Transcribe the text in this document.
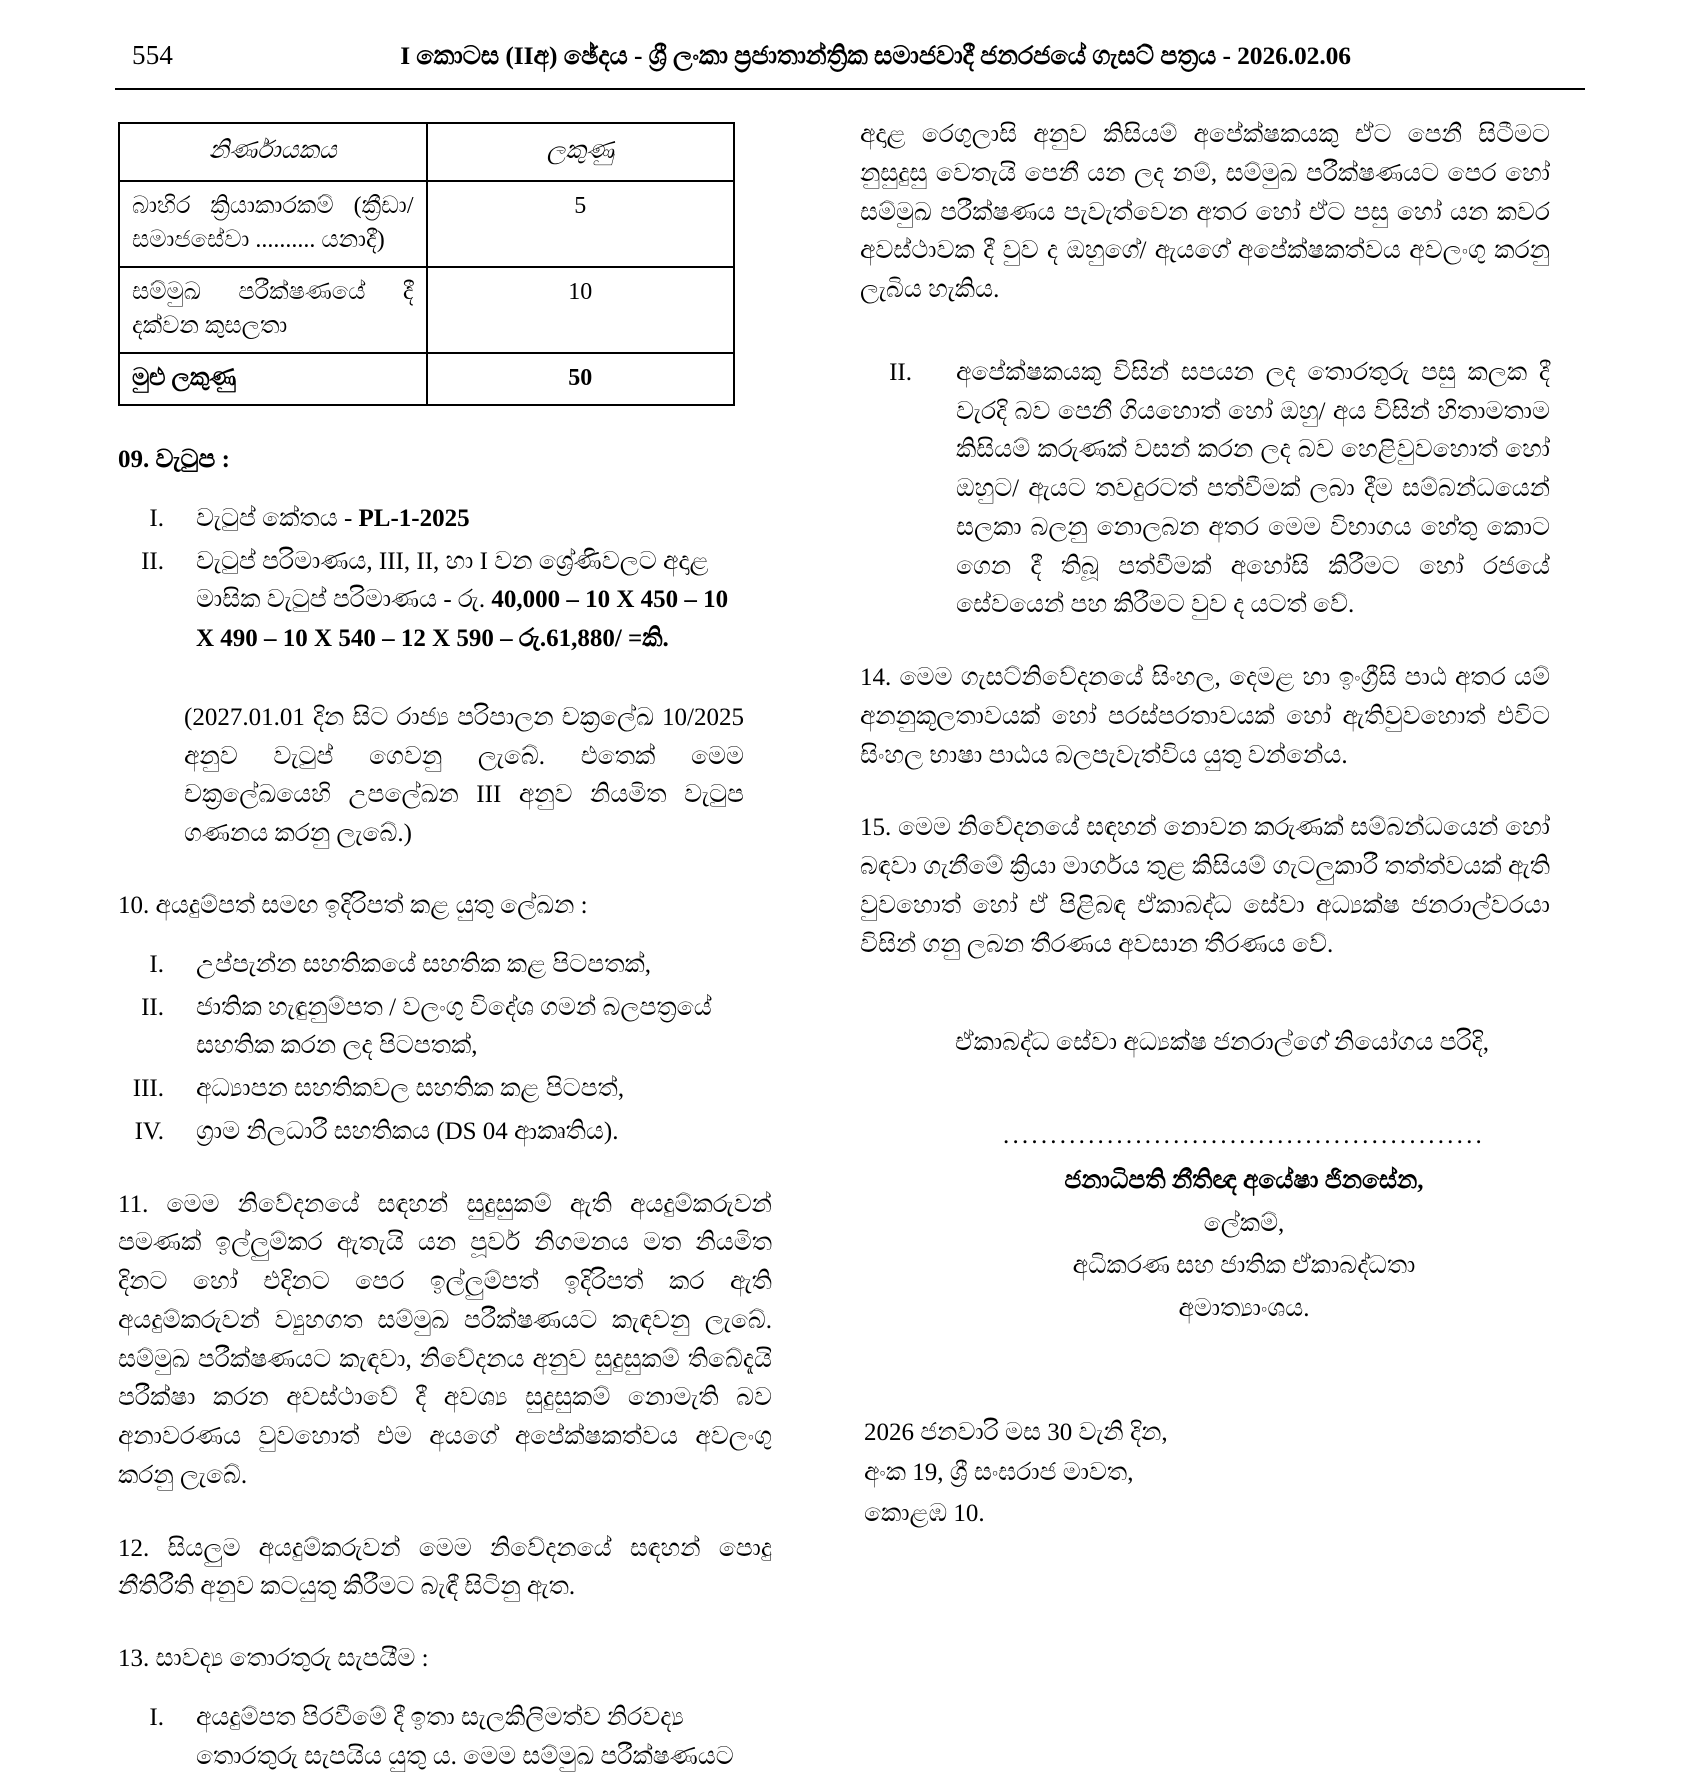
554	I කොටස (IIඅ) ඡේදය - ශ්‍රී ලංකා ප්‍රජාතාන්ත්‍රික සමාජවාදී ජනරජයේ ගැසට් පත්‍රය - 2026.02.06
නිර්ණායකය	ලකුණු
බාහිර ක්‍රියාකාරකම් (ක්‍රීඩා/ සමාජසේවා .......... යනාදී)	5
සම්මුඛ පරීක්ෂණයේ දී දක්වන කුසලතා	10
මුළු ලකුණු	50
09. වැටුප :
I.	වැටුප් කේතය - PL-1-2025
II.	වැටුප් පරිමාණය, III, II, හා I වන ශ්‍රේණිවලට අදාළ
මාසික වැටුප් පරිමාණය - රු. 40,000 – 10 X 450 – 10
X 490 – 10 X 540 – 12 X 590 – රු.61,880/ =කි.
(2027.01.01 දින සිට රාජ්‍ය පරිපාලන චක්‍රලේඛ 10/2025 අනුව වැටුප් ගෙවනු ලැබේ. එතෙක් මෙම චක්‍රලේඛයෙහි උපලේඛන III අනුව නියමිත වැටුප ගණනය කරනු ලැබේ.)
10. අයදුම්පත් සමඟ ඉදිරිපත් කළ යුතු ලේඛන :
I.	උප්පැන්න සහතිකයේ සහතික කළ පිටපතක්,
II.	ජාතික හැඳුනුම්පත / වලංගු විදේශ ගමන් බලපත්‍රයේ සහතික කරන ලද පිටපතක්,
III.	අධ්‍යාපන සහතිකවල සහතික කළ පිටපත්,
IV.	ග්‍රාම නිලධාරී සහතිකය (DS 04 ආකෘතිය).
11. මෙම නිවේදනයේ සඳහන් සුදුසුකම් ඇති අයදුම්කරුවන් පමණක් ඉල්ලුම්කර ඇතැයි යන පූර්ව නිගමනය මත නියමිත දිනට හෝ එදිනට පෙර ඉල්ලුම්පත් ඉදිරිපත් කර ඇති අයදුම්කරුවන් ව්‍යුහගත සම්මුඛ පරීක්ෂණයට කැඳවනු ලැබේ. සම්මුඛ පරීක්ෂණයට කැඳවා, නිවේදනය අනුව සුදුසුකම් තිබේදැයි පරීක්ෂා කරන අවස්ථාවේ දී අවශ්‍ය සුදුසුකම් නොමැති බව අනාවරණය වුවහොත් එම අයගේ අපේක්ෂකත්වය අවලංගු කරනු ලැබේ.
12. සියලුම අයදුම්කරුවන් මෙම නිවේදනයේ සඳහන් පොදු නීතිරීති අනුව කටයුතු කිරීමට බැඳී සිටිනු ඇත.
13. සාවද්‍ය තොරතුරු සැපයීම :
I.	අයදුම්පත පිරවීමේ දී ඉතා සැලකිලිමත්ව නිරවද්‍ය තොරතුරු සැපයිය යුතු ය. මෙම සම්මුඛ පරීක්ෂණයට
අදාළ රෙගුලාසි අනුව කිසියම් අපේක්ෂකයකු ඒට පෙනී සිටීමට නුසුදුසු වෙතැයි පෙනී යන ලද නම්, සම්මුඛ පරීක්ෂණයට පෙර හෝ සම්මුඛ පරීක්ෂණය පැවැත්වෙන අතර හෝ ඒට පසු හෝ යන කවර අවස්ථාවක දී වුව ද ඔහුගේ/ ඇයගේ අපේක්ෂකත්වය අවලංගු කරනු ලැබිය හැකිය.
II.	අපේක්ෂකයකු විසින් සපයන ලද තොරතුරු පසු කලක දී වැරදි බව පෙනී ගියහොත් හෝ ඔහු/ අය විසින් හිතාමතාම කිසියම් කරුණක් වසන් කරන ලද බව හෙළිවුවහොත් හෝ ඔහුට/ ඇයට තවදුරටත් පත්වීමක් ලබා දීම සම්බන්ධයෙන් සලකා බලනු නොලබන අතර මෙම විභාගය හේතු කොට ගෙන දී තිබූ පත්වීමක් අහෝසි කිරීමට හෝ රජයේ සේවයෙන් පහ කිරීමට වුව ද යටත් වේ.
14. මෙම ගැසට්නිවේදනයේ සිංහල, දෙමළ හා ඉංග්‍රීසි පාඨ අතර යම් අනනුකූලතාවයක් හෝ පරස්පරතාවයක් හෝ ඇතිවුවහොත් එවිට සිංහල භාෂා පාඨය බලපැවැත්විය යුතු වන්නේය.
15. මෙම නිවේදනයේ සඳහන් නොවන කරුණක් සම්බන්ධයෙන් හෝ බඳවා ගැනීමේ ක්‍රියා මාර්ගය තුළ කිසියම් ගැටලුකාරී තත්ත්වයක් ඇති වුවහොත් හෝ ඒ පිළිබඳ ඒකාබද්ධ සේවා අධ්‍යක්ෂ ජනරාල්වරයා විසින් ගනු ලබන තීරණය අවසාන තීරණය වේ.
ඒකාබද්ධ සේවා අධ්‍යක්ෂ ජනරාල්ගේ නියෝගය පරිදි,
...................................................
ජනාධිපති නීතිඥ අයේෂා ජිනසේන,
ලේකම්,
අධිකරණ සහ ජාතික ඒකාබද්ධතා
අමාත්‍යාංශය.
2026 ජනවාරි මස 30 වැනි දින,
අංක 19, ශ්‍රී සංඝරාජ මාවත,
කොළඹ 10.
